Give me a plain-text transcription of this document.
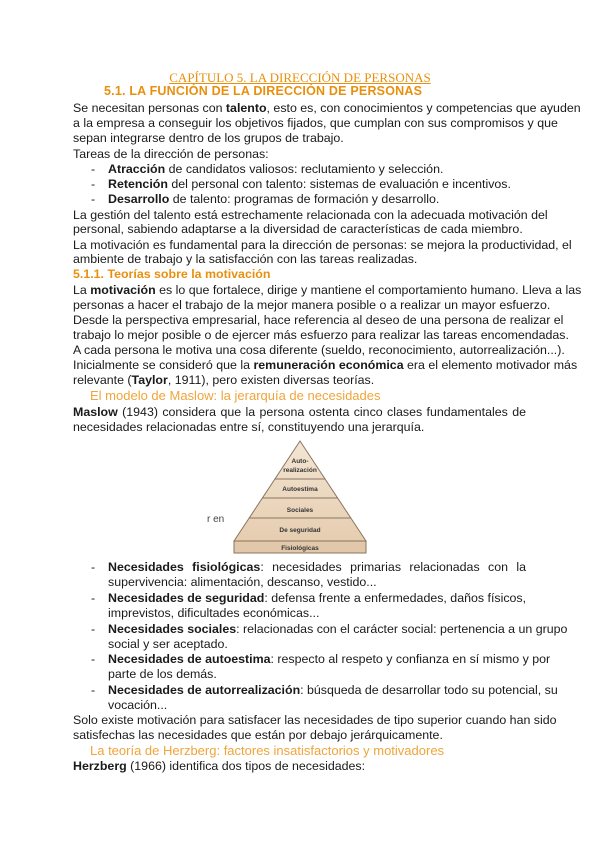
CAPÍTULO 5. LA DIRECCIÓN DE PERSONAS
5.1. LA FUNCIÓN DE LA DIRECCIÓN DE PERSONAS
Se necesitan personas con talento, esto es, con conocimientos y competencias que ayuden
a la empresa a conseguir los objetivos fijados, que cumplan con sus compromisos y que
sepan integrarse dentro de los grupos de trabajo.
Tareas de la dirección de personas:
-	Atracción de candidatos valiosos: reclutamiento y selección.
-	Retención del personal con talento: sistemas de evaluación e incentivos.
-	Desarrollo de talento: programas de formación y desarrollo.
La gestión del talento está estrechamente relacionada con la adecuada motivación del
personal, sabiendo adaptarse a la diversidad de características de cada miembro.
La motivación es fundamental para la dirección de personas: se mejora la productividad, el
ambiente de trabajo y la satisfacción con las tareas realizadas.
5.1.1. Teorías sobre la motivación
La motivación es lo que fortalece, dirige y mantiene el comportamiento humano. Lleva a las
personas a hacer el trabajo de la mejor manera posible o a realizar un mayor esfuerzo.
Desde la perspectiva empresarial, hace referencia al deseo de una persona de realizar el
trabajo lo mejor posible o de ejercer más esfuerzo para realizar las tareas encomendadas.
A cada persona le motiva una cosa diferente (sueldo, reconocimiento, autorrealización...).
Inicialmente se consideró que la remuneración económica era el elemento motivador más
relevante (Taylor, 1911), pero existen diversas teorías.
El modelo de Maslow: la jerarquía de necesidades
Maslow (1943) considera que la persona ostenta cinco clases fundamentales de
necesidades relacionadas entre sí, constituyendo una jerarquía.
r en
Auto-
realización
Autoestima
Sociales
De seguridad
Fisiológicas
-	Necesidades fisiológicas: necesidades primarias relacionadas con la
supervivencia: alimentación, descanso, vestido...
-	Necesidades de seguridad: defensa frente a enfermedades, daños físicos,
imprevistos, dificultades económicas...
-	Necesidades sociales: relacionadas con el carácter social: pertenencia a un grupo
social y ser aceptado.
-	Necesidades de autoestima: respecto al respeto y confianza en sí mismo y por
parte de los demás.
-	Necesidades de autorrealización: búsqueda de desarrollar todo su potencial, su
vocación...
Solo existe motivación para satisfacer las necesidades de tipo superior cuando han sido
satisfechas las necesidades que están por debajo jerárquicamente.
La teoría de Herzberg: factores insatisfactorios y motivadores
Herzberg (1966) identifica dos tipos de necesidades:
